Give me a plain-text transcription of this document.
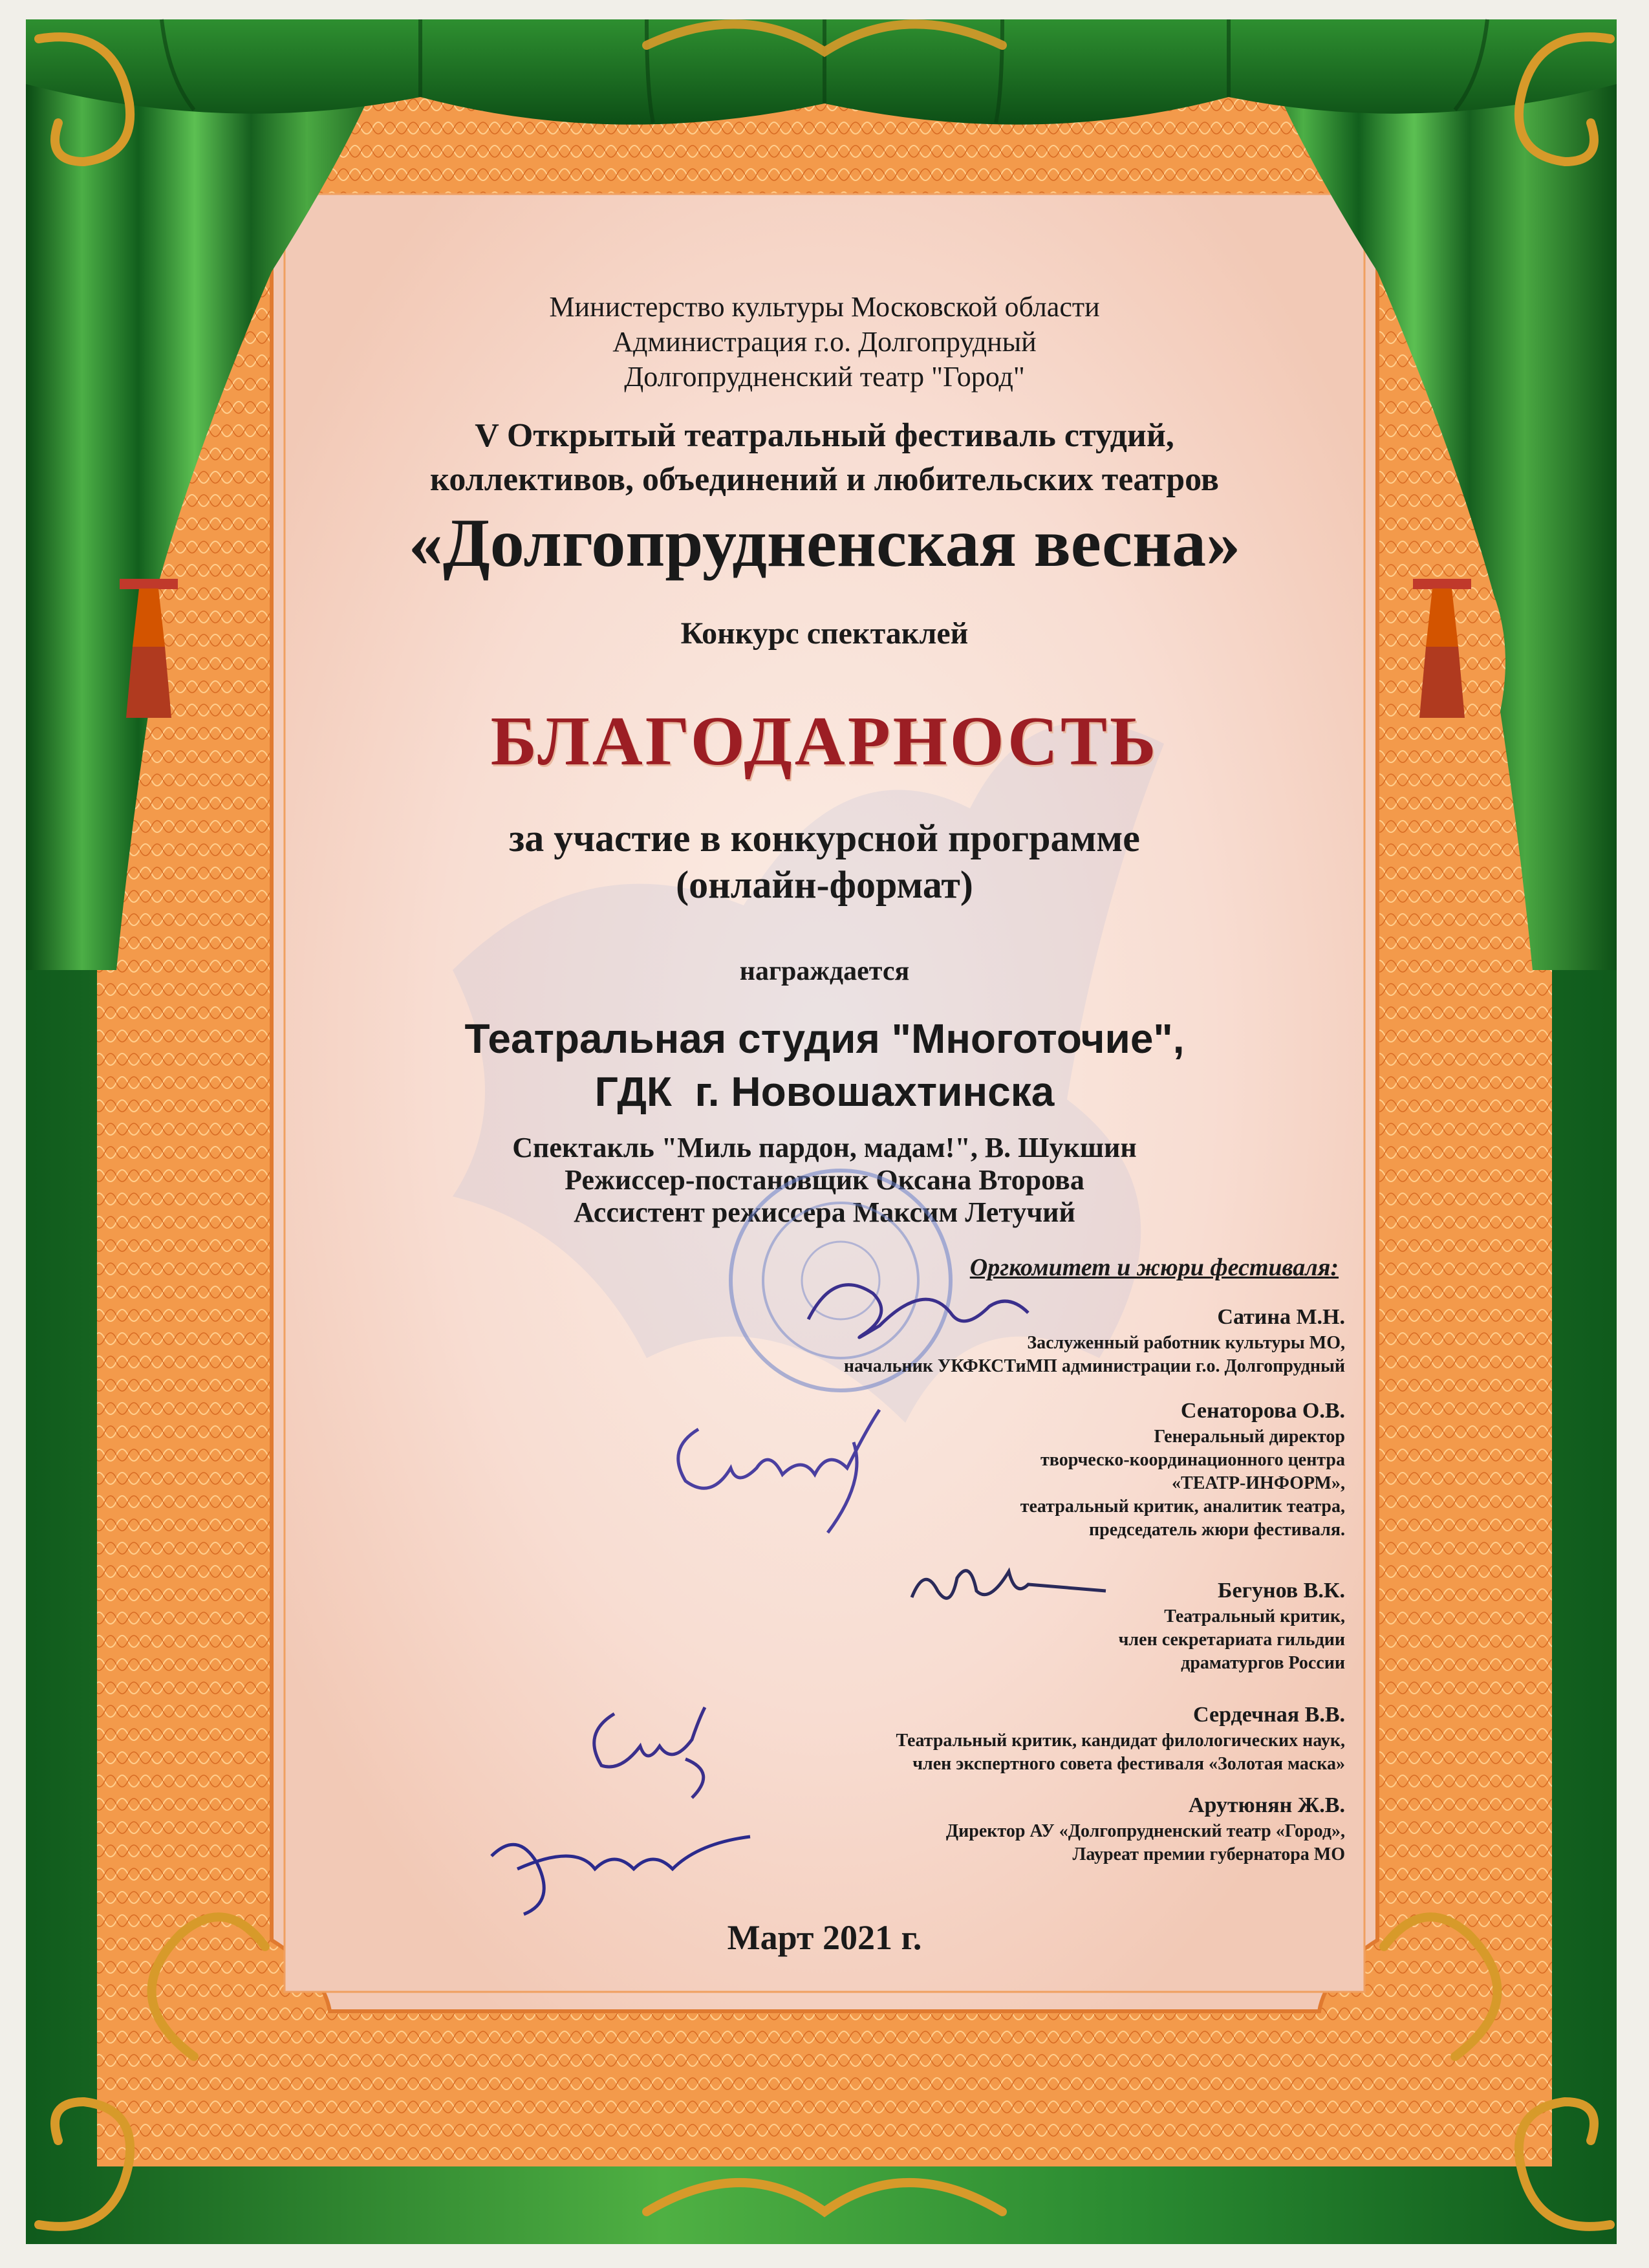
Министерство культуры Московской области
Администрация г.о. Долгопрудный
Долгопрудненский театр "Город"
V Открытый театральный фестиваль студий,
коллективов, объединений и любительских театров
«Долгопрудненская весна»
Конкурс спектаклей
БЛАГОДАРНОСТЬ
за участие в конкурсной программе
(онлайн-формат)
награждается
Театральная студия "Многоточие",
ГДК  г. Новошахтинска
Спектакль "Миль пардон, мадам!", В. Шукшин
Режиссер-постановщик Оксана Второва
Ассистент режиссера Максим Летучий
Оргкомитет и жюри фестиваля:
Сатина М.Н.
Заслуженный работник культуры МО,
начальник УКФКСТиМП администрации г.о. Долгопрудный
Сенаторова О.В.
Генеральный директор
творческо-координационного центра
«ТЕАТР-ИНФОРМ»,
театральный критик, аналитик театра,
председатель жюри фестиваля.
Бегунов В.К.
Театральный критик,
член секретариата гильдии
драматургов России
Сердечная В.В.
Театральный критик, кандидат филологических наук,
член экспертного совета фестиваля «Золотая маска»
Арутюнян Ж.В.
Директор АУ «Долгопрудненский театр «Город»,
Лауреат премии губернатора МО
Март 2021 г.
